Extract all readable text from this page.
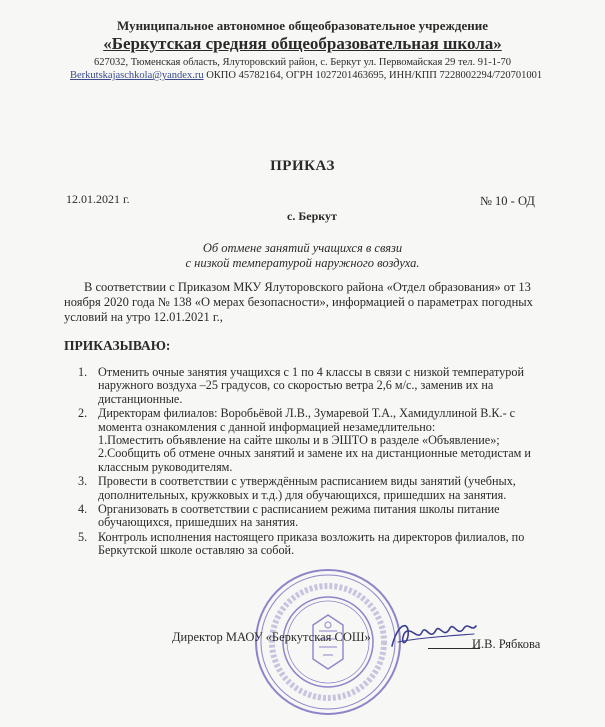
Муниципальное автономное общеобразовательное учреждение
«Беркутская средняя общеобразовательная школа»
627032, Тюменская область, Ялуторовский район, с. Беркут ул. Первомайская 29 тел. 91-1-70
Berkutskajaschkola@yandex.ru ОКПО 45782164, ОГРН 1027201463695, ИНН/КПП 7228002294/720701001
ПРИКАЗ
12.01.2021 г.	№ 10 - ОД
с. Беркут
Об отмене занятий учащихся в связи
с низкой температурой наружного воздуха.
В соответствии с Приказом МКУ Ялуторовского района «Отдел образования» от 13
ноября 2020 года № 138 «О мерах безопасности», информацией о параметрах погодных
условий на утро 12.01.2021 г.,
ПРИКАЗЫВАЮ:
1. Отменить очные занятия учащихся с 1 по 4 классы в связи с низкой температурой
наружного воздуха –25 градусов, со скоростью ветра 2,6 м/с., заменив их на
дистанционные.
2. Директорам филиалов: Воробьёвой Л.В., Зумаревой Т.А., Хамидуллиной В.К.- с
момента ознакомления с данной информацией незамедлительно:
1.Поместить объявление на сайте школы и в ЭШТО в разделе «Объявление»;
2.Сообщить об отмене очных занятий и замене их на дистанционные методистам и
классным руководителям.
3. Провести в соответствии с утверждённым расписанием виды занятий (учебных,
дополнительных, кружковых и т.д.) для обучающихся, пришедших на занятия.
4. Организовать в соответствии с расписанием режима питания школы питание
обучающихся, пришедших на занятия.
5. Контроль исполнения настоящего приказа возложить на директоров филиалов, по
Беркутской школе оставляю за собой.
Директор МАОУ «Беркутская СОШ»	И.В. Рябкова
